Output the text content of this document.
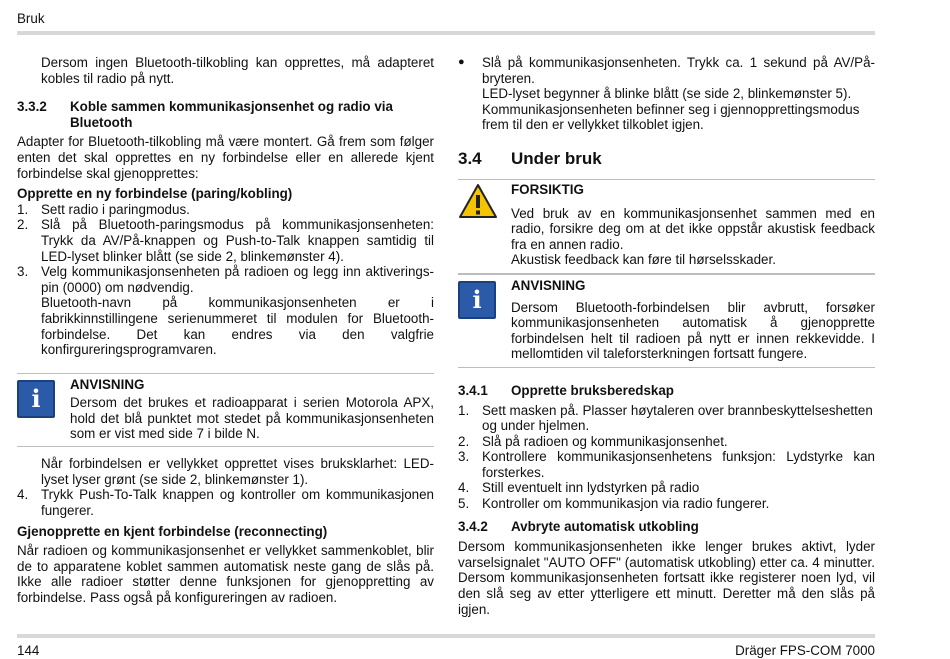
Bruk

Dersom ingen Bluetooth-tilkobling kan opprettes, må adapteret kobles til radio på nytt.

3.3.2	Koble sammen kommunikasjonsenhet og radio via
Bluetooth

Adapter for Bluetooth-tilkobling må være montert. Gå frem som følger enten det skal opprettes en ny forbindelse eller en allerede kjent forbindelse skal gjenopprettes:

Opprette en ny forbindelse (paring/kobling)

1. Sett radio i paringmodus.
2. Slå på Bluetooth-paringsmodus på kommunikasjonsenheten: Trykk da AV/På-knappen og Push-to-Talk knappen samtidig til LED-lyset blinker blått (se side 2, blinkemønster 4).
3. Velg kommunikasjonsenheten på radioen og legg inn aktiverings-pin (0000) om nødvendig.

Bluetooth-navn på kommunikasjonsenheten er i fabrikkinnstillingene serienummeret til modulen for Bluetooth-forbindelse. Det kan endres via den valgfrie konfirgureringsprogramvaren.

i	ANVISNING

Dersom det brukes et radioapparat i serien Motorola APX, hold det blå punktet mot stedet på kommunikasjonsenheten som er vist med side 7 i bilde N.

Når forbindelsen er vellykket opprettet vises bruksklarhet: LED-lyset lyser grønt (se side 2, blinkemønster 1).

4. Trykk Push-To-Talk knappen og kontroller om kommunikasjonen fungerer.

Gjenopprette en kjent forbindelse (reconnecting)

Når radioen og kommunikasjonsenhet er vellykket sammenkoblet, blir de to apparatene koblet sammen automatisk neste gang de slås på. Ikke alle radioer støtter denne funksjonen for gjenoppretting av forbindelse. Pass også på konfigureringen av radioen.

●	Slå på kommunikasjonsenheten. Trykk ca. 1 sekund på AV/På-bryteren.

LED-lyset begynner å blinke blått (se side 2, blinkemønster 5). Kommunikasjonsenheten befinner seg i gjennopprettingsmodus frem til den er vellykket tilkoblet igjen.

3.4	Under bruk
FORSIKTIG

Ved bruk av en kommunikasjonsenhet sammen med en radio, forsikre deg om at det ikke oppstår akustisk feedback fra en annen radio.

Akustisk feedback kan føre til hørselsskader.

i	ANVISNING

Dersom Bluetooth-forbindelsen blir avbrutt, forsøker kommunikasjonsenheten automatisk å gjenopprette forbindelsen helt til radioen på nytt er innen rekkevidde. I mellomtiden vil taleforsterkningen fortsatt fungere.

3.4.1	Opprette bruksberedskap
1. Sett masken på. Plasser høytaleren over brannbeskyttelseshetten og under hjelmen.
2. Slå på radioen og kommunikasjonsenhet.
3. Kontrollere kommunikasjonsenhetens funksjon: Lydstyrke kan forsterkes.
4. Still eventuelt inn lydstyrken på radio
5. Kontroller om kommunikasjon via radio fungerer.
3.4.2	Avbryte automatisk utkobling

Dersom kommunikasjonsenheten ikke lenger brukes aktivt, lyder varselsignalet "AUTO OFF" (automatisk utkobling) etter ca. 4 minutter. Dersom kommunikasjonsenheten fortsatt ikke registerer noen lyd, vil den slå seg av etter ytterligere ett minutt. Deretter må den slås på igjen.

144	Dräger FPS-COM 7000
